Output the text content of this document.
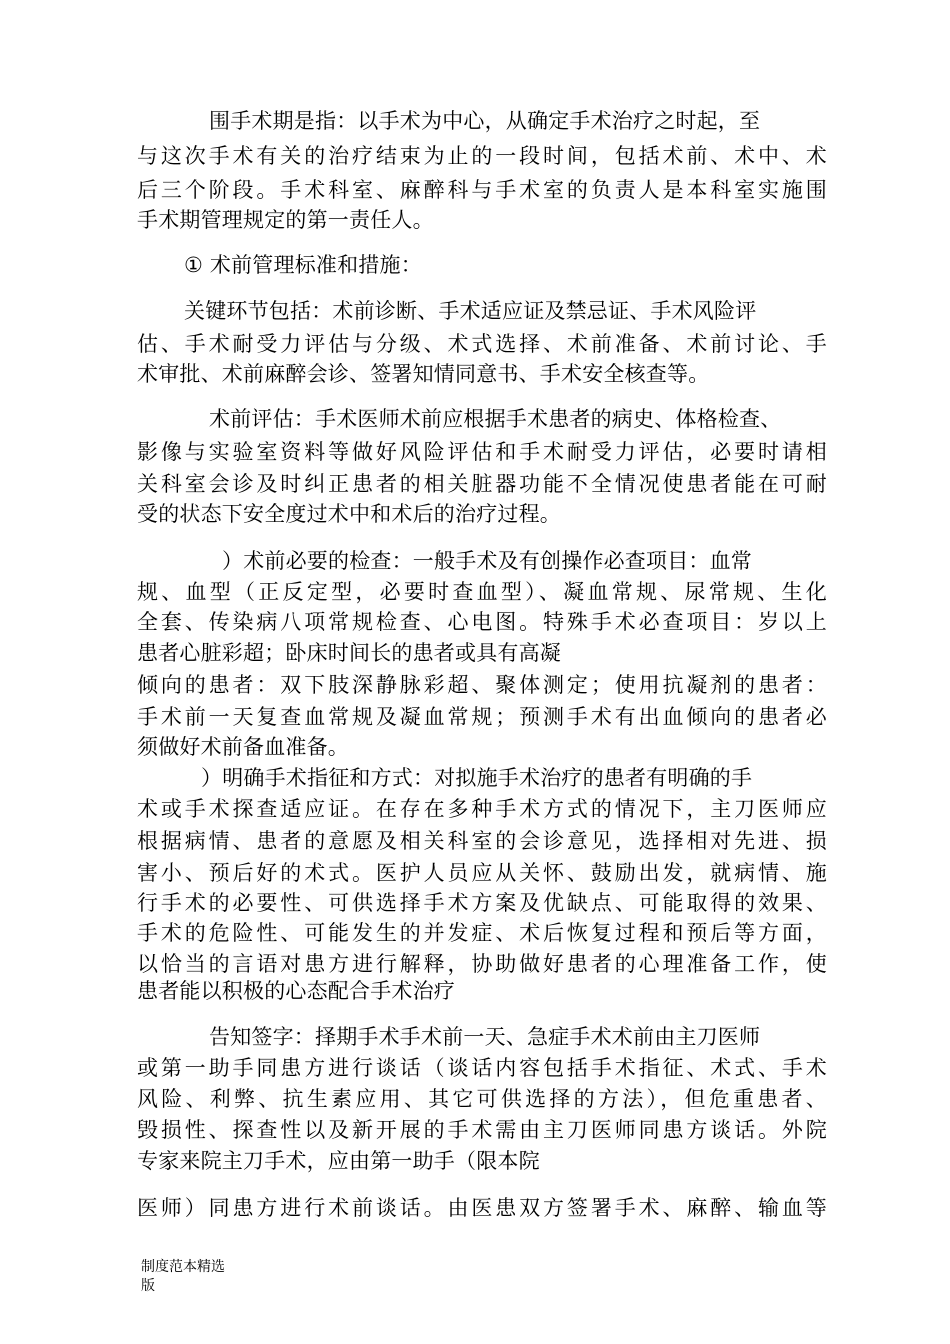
围手术期是指：以手术为中心，从确定手术治疗之时起，至
与这次手术有关的治疗结束为止的一段时间，包括术前、术中、术
后三个阶段。手术科室、麻醉科与手术室的负责人是本科室实施围
手术期管理规定的第一责任人。
① 术前管理标准和措施：
关键环节包括：术前诊断、手术适应证及禁忌证、手术风险评
估、手术耐受力评估与分级、术式选择、术前准备、术前讨论、手
术审批、术前麻醉会诊、签署知情同意书、手术安全核查等。
术前评估：手术医师术前应根据手术患者的病史、体格检查、
影像与实验室资料等做好风险评估和手术耐受力评估，必要时请相
关科室会诊及时纠正患者的相关脏器功能不全情况使患者能在可耐
受的状态下安全度过术中和术后的治疗过程。
）术前必要的检查：一般手术及有创操作必查项目：血常
规、血型（正反定型，必要时查血型）、凝血常规、尿常规、生化
全套、传染病八项常规检查、心电图。特殊手术必查项目：岁以上
患者心脏彩超；卧床时间长的患者或具有高凝
倾向的患者：双下肢深静脉彩超、聚体测定；使用抗凝剂的患者：
手术前一天复查血常规及凝血常规；预测手术有出血倾向的患者必
须做好术前备血准备。
）明确手术指征和方式：对拟施手术治疗的患者有明确的手
术或手术探查适应证。在存在多种手术方式的情况下，主刀医师应
根据病情、患者的意愿及相关科室的会诊意见，选择相对先进、损
害小、预后好的术式。医护人员应从关怀、鼓励出发，就病情、施
行手术的必要性、可供选择手术方案及优缺点、可能取得的效果、
手术的危险性、可能发生的并发症、术后恢复过程和预后等方面，
以恰当的言语对患方进行解释，协助做好患者的心理准备工作，使
患者能以积极的心态配合手术治疗
告知签字：择期手术手术前一天、急症手术术前由主刀医师
或第一助手同患方进行谈话（谈话内容包括手术指征、术式、手术
风险、利弊、抗生素应用、其它可供选择的方法），但危重患者、
毁损性、探查性以及新开展的手术需由主刀医师同患方谈话。外院
专家来院主刀手术，应由第一助手（限本院
医师）同患方进行术前谈话。由医患双方签署手术、麻醉、输血等
制度范本精选
版
